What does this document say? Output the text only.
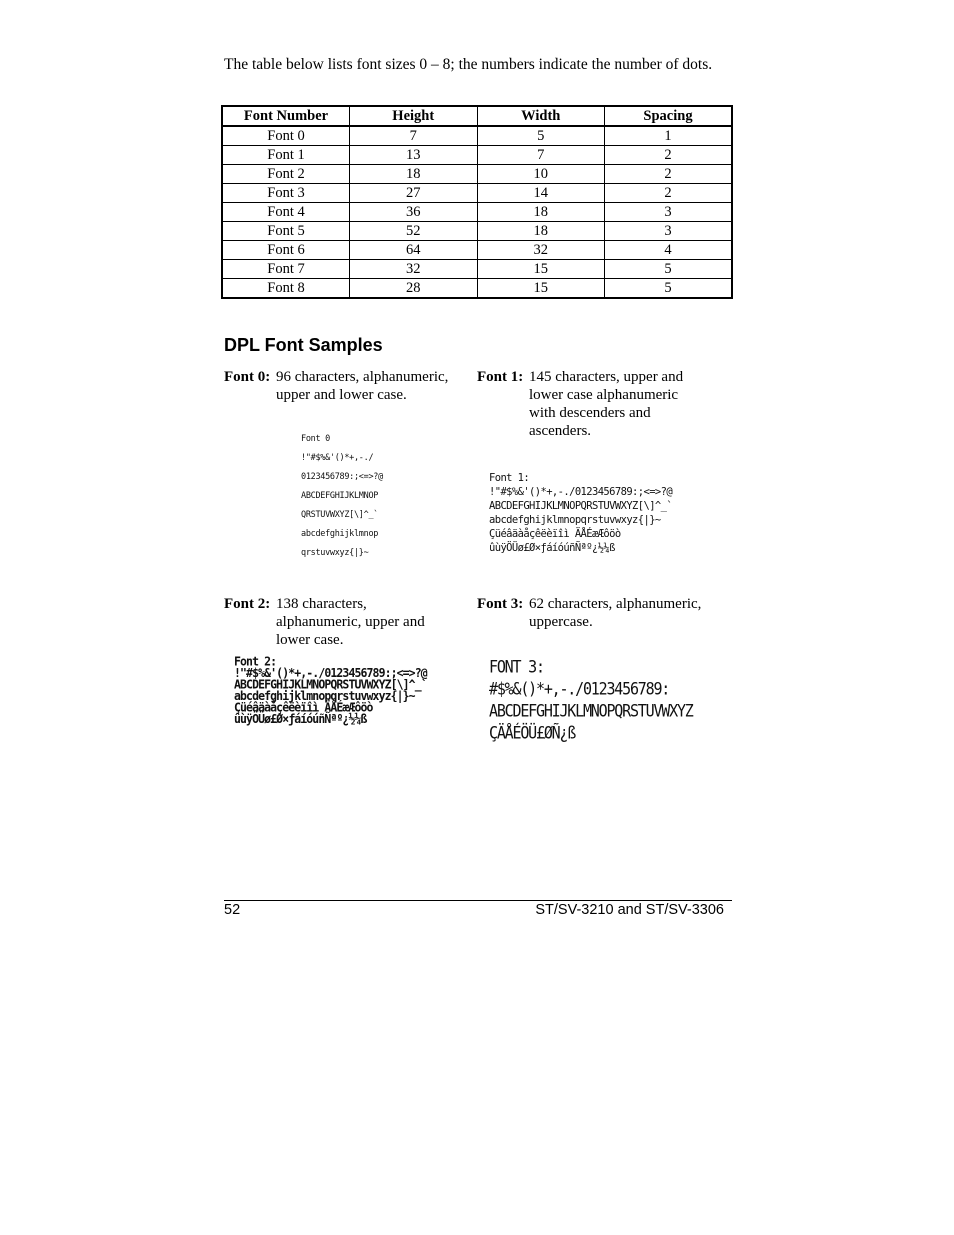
The table below lists font sizes 0 – 8; the numbers indicate the number of dots.

Font Number	Height	Width	Spacing
Font 0	7	5	1
Font 1	13	7	2
Font 2	18	10	2
Font 3	27	14	2
Font 4	36	18	3
Font 5	52	18	3
Font 6	64	32	4
Font 7	32	15	5
Font 8	28	15	5
DPL Font Samples
Font 0: 96 characters, alphanumeric, upper and lower case.
Font 1: 145 characters, upper and lower case alphanumeric with descenders and ascenders.
Font 2: 138 characters, alphanumeric, upper and lower case.
Font 3: 62 characters, alphanumeric, uppercase.
Font 0
!"#$%&'()*+,-./
0123456789:;<=>?@
ABCDEFGHIJKLMNOP
QRSTUVWXYZ[\]^_`
abcdefghijklmnop
qrstuvwxyz{|}~
Font 1:
!"#$%&'()*+,-./0123456789:;<=>?@
ABCDEFGHIJKLMNOPQRSTUVWXYZ[\]^_`
abcdefghijklmnopqrstuvwxyz{|}~
Çüéâäàåçêëèïîì ÄÅÉæÆôöò
ûùÿÖÜø£Ø×ƒáíóúñÑªº¿½¼ß
Font 2:
!"#$%&'()*+,-./0123456789:;<=>?@
ABCDEFGHIJKLMNOPQRSTUVWXYZ[\]^_`
abcdefghijklmnopqrstuvwxyz{|}~
Çüéâäàåçêëèïîì ÄÅÉæÆôöò
ûùÿÖÜø£Ø×ƒáíóúñÑªº¿½¼ß
FONT 3:
#$%&()*+,-./0123456789:
ABCDEFGHIJKLMNOPQRSTUVWXYZ
ÇÄÅÉÖÜ£ØÑ¿ß
52	ST/SV-3210 and ST/SV-3306
